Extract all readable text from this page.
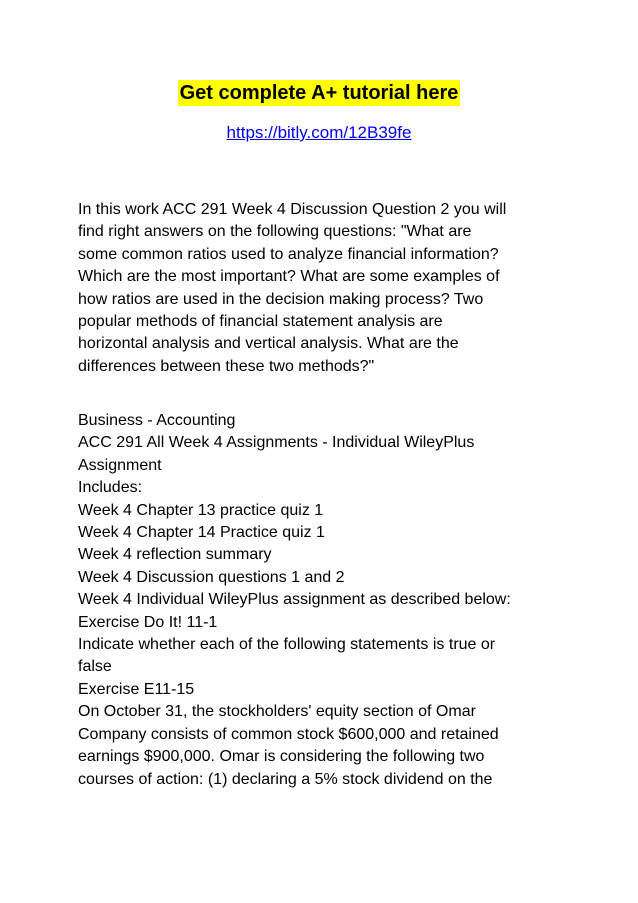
Get complete A+ tutorial here
https://bitly.com/12B39fe
In this work ACC 291 Week 4 Discussion Question 2 you will
find right answers on the following questions: "What are
some common ratios used to analyze financial information?
Which are the most important? What are some examples of
how ratios are used in the decision making process? Two
popular methods of financial statement analysis are
horizontal analysis and vertical analysis. What are the
differences between these two methods?"
Business - Accounting
ACC 291 All Week 4 Assignments - Individual WileyPlus
Assignment
Includes:
Week 4 Chapter 13 practice quiz 1
Week 4 Chapter 14 Practice quiz 1
Week 4 reflection summary
Week 4 Discussion questions 1 and 2
Week 4 Individual WileyPlus assignment as described below:
Exercise Do It! 11-1
Indicate whether each of the following statements is true or
false
Exercise E11-15
On October 31, the stockholders' equity section of Omar
Company consists of common stock $600,000 and retained
earnings $900,000. Omar is considering the following two
courses of action: (1) declaring a 5% stock dividend on the
